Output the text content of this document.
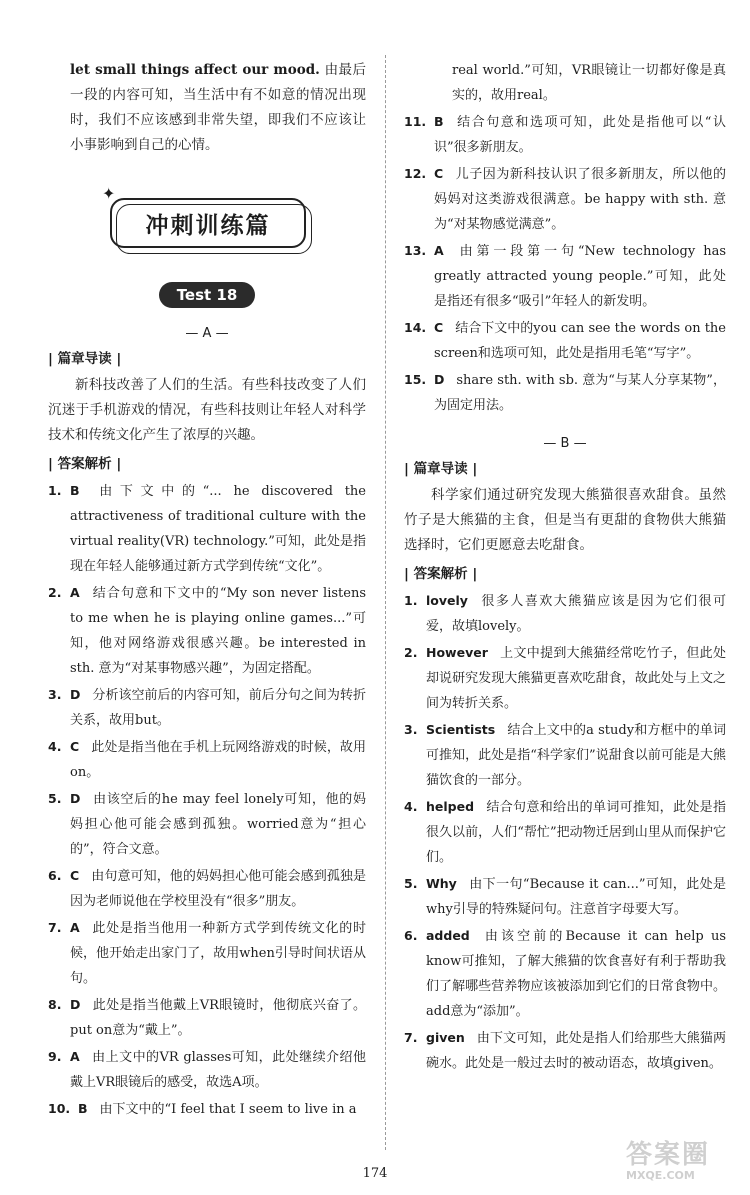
let small things affect our mood. 由最后一段的内容可知，当生活中有不如意的情况出现时，我们不应该感到非常失望，即我们不应该让小事影响到自己的心情。

✦
冲刺训练篇
Test 18
— A —
| 篇章导读 |

新科技改善了人们的生活。有些科技改变了人们沉迷于手机游戏的情况，有些科技则让年轻人对科学技术和传统文化产生了浓厚的兴趣。

| 答案解析 |
1. B 由下文中的“... he discovered the attractiveness of traditional culture with the virtual reality(VR) technology.”可知，此处是指现在年轻人能够通过新方式学到传统“文化”。
2. A 结合句意和下文中的“My son never listens to me when he is playing online games...”可知，他对网络游戏很感兴趣。be interested in sth. 意为“对某事物感兴趣”，为固定搭配。
3. D 分析该空前后的内容可知，前后分句之间为转折关系，故用but。
4. C 此处是指当他在手机上玩网络游戏的时候，故用on。
5. D 由该空后的he may feel lonely可知，他的妈妈担心他可能会感到孤独。worried意为“担心的”，符合文意。
6. C 由句意可知，他的妈妈担心他可能会感到孤独是因为老师说他在学校里没有“很多”朋友。
7. A 此处是指当他用一种新方式学到传统文化的时候，他开始走出家门了，故用when引导时间状语从句。
8. D 此处是指当他戴上VR眼镜时，他彻底兴奋了。put on意为“戴上”。
9. A 由上文中的VR glasses可知，此处继续介绍他戴上VR眼镜后的感受，故选A项。
10. B 由下文中的“I feel that I seem to live in a
real world.”可知，VR眼镜让一切都好像是真实的，故用real。
11. B 结合句意和选项可知，此处是指他可以“认识”很多新朋友。
12. C 儿子因为新科技认识了很多新朋友，所以他的妈妈对这类游戏很满意。be happy with sth. 意为“对某物感觉满意”。
13. A 由第一段第一句“New technology has greatly attracted young people.”可知，此处是指还有很多“吸引”年轻人的新发明。
14. C 结合下文中的you can see the words on the screen和选项可知，此处是指用毛笔“写字”。
15. D share sth. with sb. 意为“与某人分享某物”，为固定用法。
— B —
| 篇章导读 |

科学家们通过研究发现大熊猫很喜欢甜食。虽然竹子是大熊猫的主食，但是当有更甜的食物供大熊猫选择时，它们更愿意去吃甜食。

| 答案解析 |
1. lovely 很多人喜欢大熊猫应该是因为它们很可爱，故填lovely。
2. However 上文中提到大熊猫经常吃竹子，但此处却说研究发现大熊猫更喜欢吃甜食，故此处与上文之间为转折关系。
3. Scientists 结合上文中的a study和方框中的单词可推知，此处是指“科学家们”说甜食以前可能是大熊猫饮食的一部分。
4. helped 结合句意和给出的单词可推知，此处是指很久以前，人们“帮忙”把动物迁居到山里从而保护它们。
5. Why 由下一句“Because it can...”可知，此处是why引导的特殊疑问句。注意首字母要大写。
6. added 由该空前的Because it can help us know可推知，了解大熊猫的饮食喜好有利于帮助我们了解哪些营养物应该被添加到它们的日常食物中。add意为“添加”。
7. given 由下文可知，此处是指人们给那些大熊猫两碗水。此处是一般过去时的被动语态，故填given。
174
答案圈
MXQE.COM
